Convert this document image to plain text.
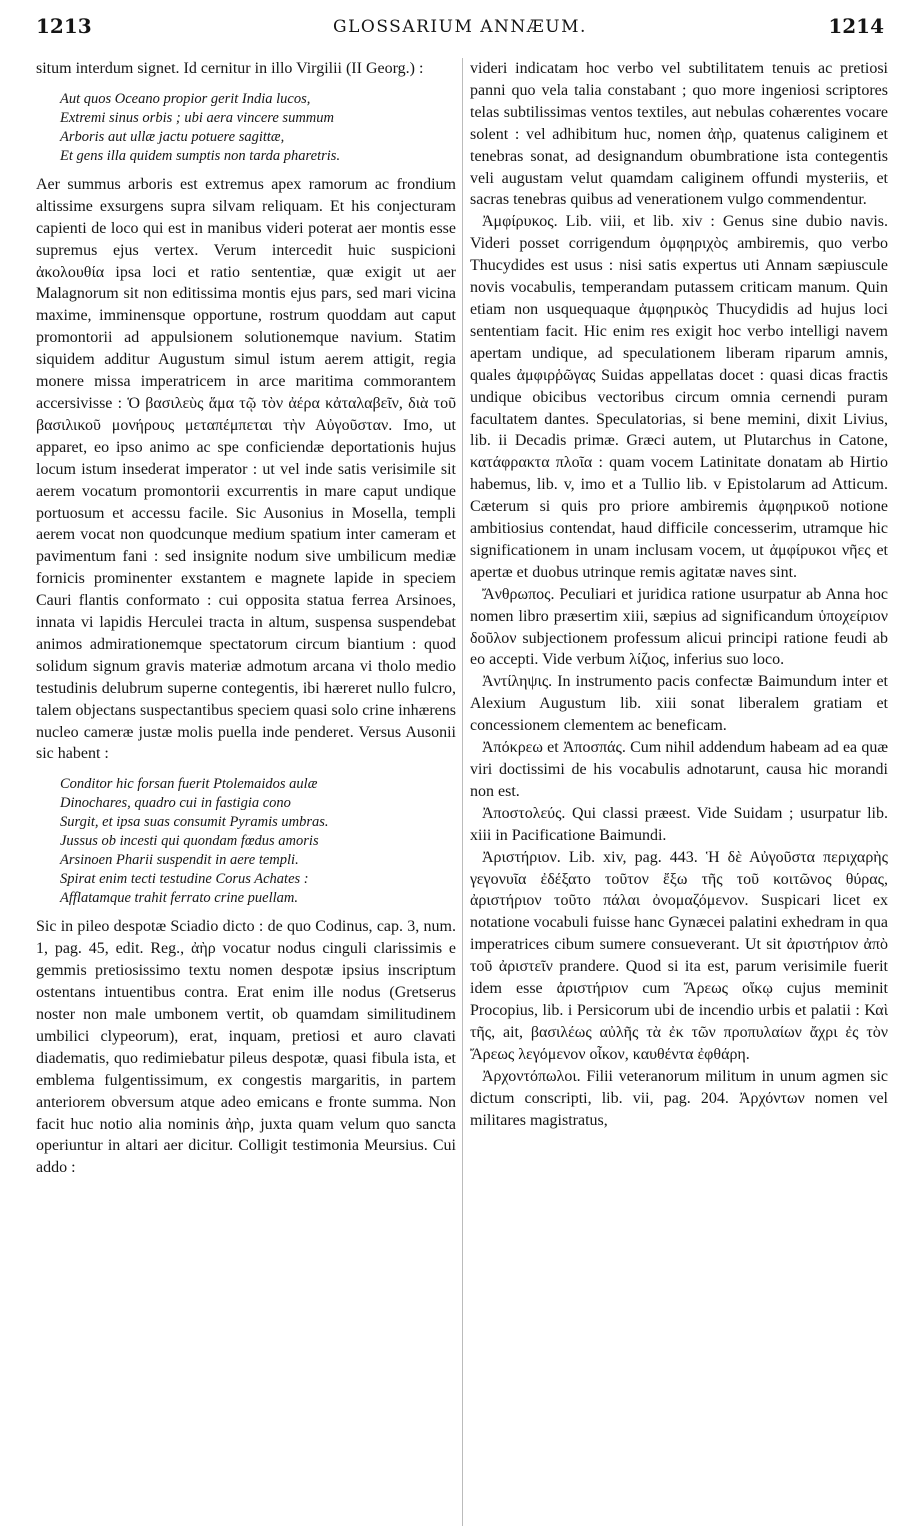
1213	GLOSSARIUM ANNÆUM.	1214

situm interdum signet. Id cernitur in illo Virgilii (II Georg.) :

Aut quos Oceano propior gerit India lucos,
Extremi sinus orbis ; ubi aera vincere summum
Arboris aut ullæ jactu potuere sagittæ,
Et gens illa quidem sumptis non tarda pharetris.

Aer summus arboris est extremus apex ramorum ac frondium altissime exsurgens supra silvam reliquam. Et his conjecturam capienti de loco qui est in manibus videri poterat aer montis esse supremus ejus vertex. Verum intercedit huic suspicioni ἀκολουθία ipsa loci et ratio sententiæ, quæ exigit ut aer Malagnorum sit non editissima montis ejus pars, sed mari vicina maxime, imminensque opportune, rostrum quoddam aut caput promontorii ad appulsionem solutionemque navium. Statim siquidem additur Augustum simul istum aerem attigit, regia monere missa imperatricem in arce maritima commorantem accersivisse : Ὁ βασιλεὺς ἅμα τῷ τὸν ἀέρα κἀταλαβεῖν, διὰ τοῦ βασιλικοῦ μονήρους μεταπέμπεται τὴν Αὐγοῦσταν. Imo, ut apparet, eo ipso animo ac spe conficiendæ deportationis hujus locum istum insederat imperator : ut vel inde satis verisimile sit aerem vocatum promontorii excurrentis in mare caput undique portuosum et accessu facile. Sic Ausonius in Mosella, templi aerem vocat non quodcunque medium spatium inter cameram et pavimentum fani : sed insignite nodum sive umbilicum mediæ fornicis prominenter exstantem e magnete lapide in speciem Cauri flantis conformato : cui opposita statua ferrea Arsinoes, innata vi lapidis Herculei tracta in altum, suspensa suspendebat animos admirationemque spectatorum circum biantium : quod solidum signum gravis materiæ admotum arcana vi tholo medio testudinis delubrum superne contegentis, ibi hæreret nullo fulcro, talem objectans suspectantibus speciem quasi solo crine inhærens nucleo cameræ justæ molis puella inde penderet. Versus Ausonii sic habent :

Conditor hic forsan fuerit Ptolemaidos aulæ
Dinochares, quadro cui in fastigia cono
Surgit, et ipsa suas consumit Pyramis umbras.
Jussus ob incesti qui quondam fœdus amoris
Arsinoen Pharii suspendit in aere templi.
Spirat enim tecti testudine Corus Achates :
Afflatamque trahit ferrato crine puellam.

Sic in pileo despotæ Sciadio dicto : de quo Codinus, cap. 3, num. 1, pag. 45, edit. Reg., ἀὴρ vocatur nodus cinguli clarissimis e gemmis pretiosissimo textu nomen despotæ ipsius inscriptum ostentans intuentibus contra. Erat enim ille nodus (Gretserus noster non male umbonem vertit, ob quamdam similitudinem umbilici clypeorum), erat, inquam, pretiosi et auro clavati diadematis, quo redimiebatur pileus despotæ, quasi fibula ista, et emblema fulgentissimum, ex congestis margaritis, in partem anteriorem obversum atque adeo emicans e fronte summa. Non facit huc notio alia nominis ἀὴρ, juxta quam velum quo sancta operiuntur in altari aer dicitur. Colligit testimonia Meursius. Cui addo :

videri indicatam hoc verbo vel subtilitatem tenuis ac pretiosi panni quo vela talia constabant ; quo more ingeniosi scriptores telas subtilissimas ventos textiles, aut nebulas cohærentes vocare solent : vel adhibitum huc, nomen ἀὴρ, quatenus caliginem et tenebras sonat, ad designandum obumbratione ista contegentis veli augustam velut quamdam caliginem offundi mysteriis, et sacras tenebras quibus ad venerationem vulgo commendentur.

Ἀμφίρυκος. Lib. viii, et lib. xiv : Genus sine dubio navis. Videri posset corrigendum ὀμφηριχὸς ambiremis, quo verbo Thucydides est usus : nisi satis expertus uti Annam sæpiuscule novis vocabulis, temperandam putassem criticam manum. Quin etiam non usquequaque ἀμφηρικὸς Thucydidis ad hujus loci sententiam facit. Hic enim res exigit hoc verbo intelligi navem apertam undique, ad speculationem liberam riparum amnis, quales ἀμφιρῥῶγας Suidas appellatas docet : quasi dicas fractis undique obicibus vectoribus circum omnia cernendi puram facultatem dantes. Speculatorias, si bene memini, dixit Livius, lib. ii Decadis primæ. Græci autem, ut Plutarchus in Catone, κατάφρακτα πλοῖα : quam vocem Latinitate donatam ab Hirtio habemus, lib. v, imo et a Tullio lib. v Epistolarum ad Atticum. Cæterum si quis pro priore ambiremis ἀμφηρικοῦ notione ambitiosius contendat, haud difficile concesserim, utramque hic significationem in unam inclusam vocem, ut ἀμφίρυκοι νῆες et apertæ et duobus utrinque remis agitatæ naves sint.

Ἄνθρωπος. Peculiari et juridica ratione usurpatur ab Anna hoc nomen libro præsertim xiii, sæpius ad significandum ὑποχείριον δοῦλον subjectionem professum alicui principi ratione feudi ab eo accepti. Vide verbum λίζιος, inferius suo loco.

Ἀντίληψις. In instrumento pacis confectæ Baimundum inter et Alexium Augustum lib. xiii sonat liberalem gratiam et concessionem clementem ac beneficam.

Ἀπόκρεω et Ἀποσπάς. Cum nihil addendum habeam ad ea quæ viri doctissimi de his vocabulis adnotarunt, causa hic morandi non est.

Ἀποστολεύς. Qui classi præest. Vide Suidam ; usurpatur lib. xiii in Pacificatione Baimundi.

Ἀριστήριον. Lib. xiv, pag. 443. Ἡ δὲ Αὐγοῦστα περιχαρὴς γεγονυῖα ἐδέξατο τοῦτον ἔξω τῆς τοῦ κοιτῶνος θύρας, ἀριστήριον τοῦτο πάλαι ὀνομαζόμενον. Suspicari licet ex notatione vocabuli fuisse hanc Gynæcei palatini exhedram in qua imperatrices cibum sumere consueverant. Ut sit ἀριστήριον ἀπὸ τοῦ ἀριστεῖν prandere. Quod si ita est, parum verisimile fuerit idem esse ἀριστήριον cum Ἄρεως οἴκῳ cujus meminit Procopius, lib. i Persicorum ubi de incendio urbis et palatii : Καὶ τῆς, ait, βασιλέως αὐλῆς τὰ ἐκ τῶν προπυλαίων ἄχρι ἐς τὸν Ἄρεως λεγόμενον οἶκον, καυθέντα ἐφθάρη.

Ἀρχοντόπωλοι. Filii veteranorum militum in unum agmen sic dictum conscripti, lib. vii, pag. 204. Ἀρχόντων nomen vel militares magistratus,
